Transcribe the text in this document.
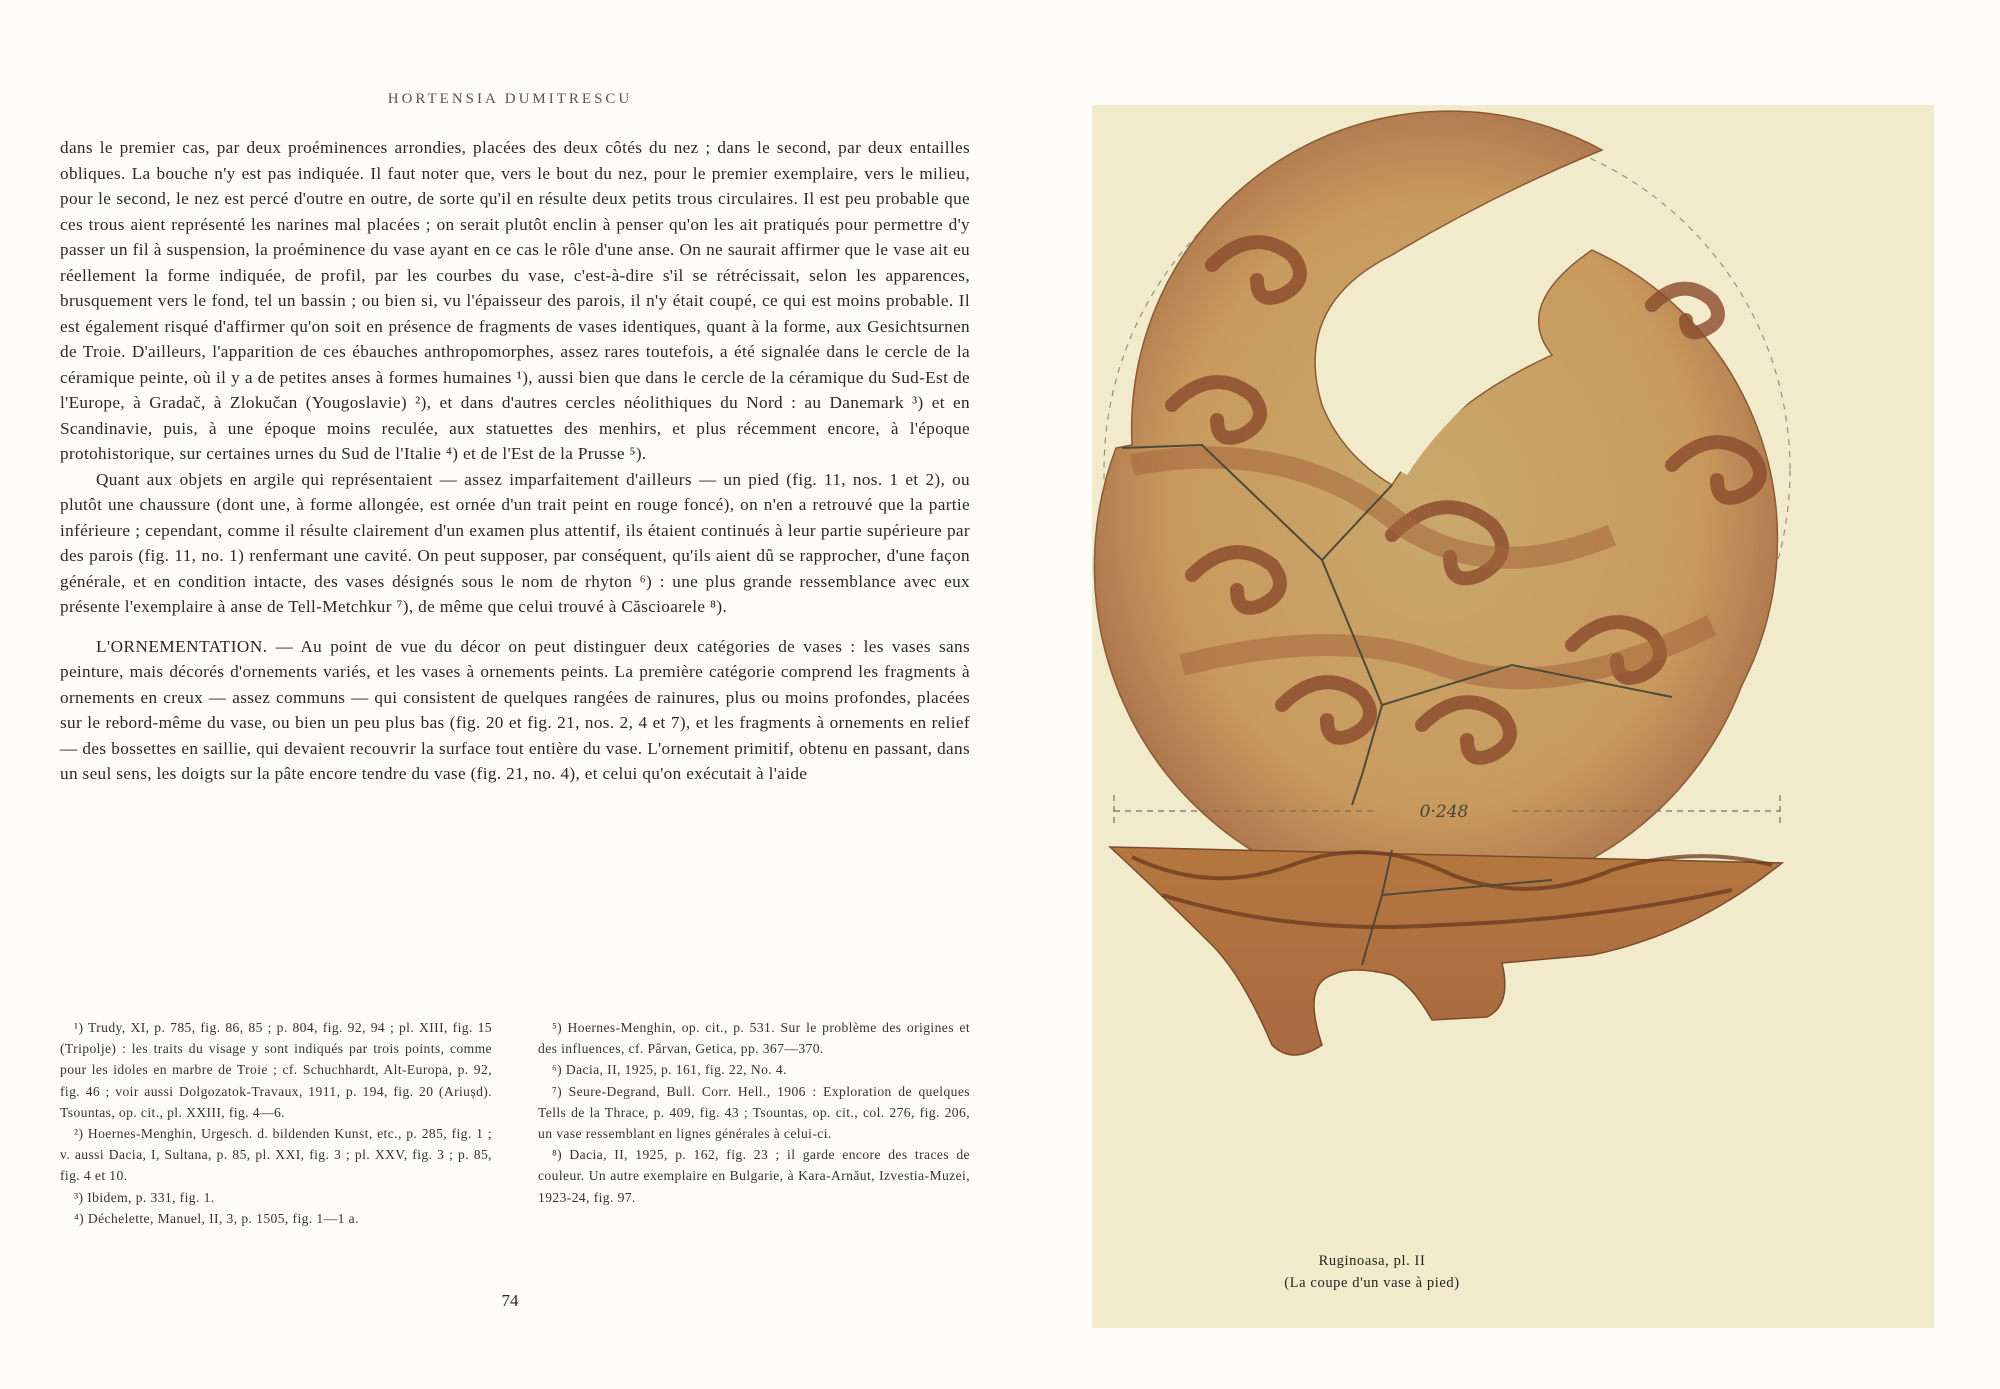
HORTENSIA DUMITRESCU

dans le premier cas, par deux proéminences arrondies, placées des deux côtés du nez ; dans le second, par deux entailles obliques. La bouche n'y est pas indiquée. Il faut noter que, vers le bout du nez, pour le premier exemplaire, vers le milieu, pour le second, le nez est percé d'outre en outre, de sorte qu'il en résulte deux petits trous circulaires. Il est peu probable que ces trous aient représenté les narines mal placées ; on serait plutôt enclin à penser qu'on les ait pratiqués pour permettre d'y passer un fil à suspension, la proéminence du vase ayant en ce cas le rôle d'une anse. On ne saurait affirmer que le vase ait eu réellement la forme indiquée, de profil, par les courbes du vase, c'est-à-dire s'il se rétrécissait, selon les apparences, brusquement vers le fond, tel un bassin ; ou bien si, vu l'épaisseur des parois, il n'y était coupé, ce qui est moins probable. Il est également risqué d'affirmer qu'on soit en présence de fragments de vases identiques, quant à la forme, aux Gesichtsurnen de Troie. D'ailleurs, l'apparition de ces ébauches anthropomorphes, assez rares toutefois, a été signalée dans le cercle de la céramique peinte, où il y a de petites anses à formes humaines ¹), aussi bien que dans le cercle de la céramique du Sud-Est de l'Europe, à Gradač, à Zlokučan (Yougoslavie) ²), et dans d'autres cercles néolithiques du Nord : au Danemark ³) et en Scandinavie, puis, à une époque moins reculée, aux statuettes des menhirs, et plus récemment encore, à l'époque protohistorique, sur certaines urnes du Sud de l'Italie ⁴) et de l'Est de la Prusse ⁵).

Quant aux objets en argile qui représentaient — assez imparfaitement d'ailleurs — un pied (fig. 11, nos. 1 et 2), ou plutôt une chaussure (dont une, à forme allongée, est ornée d'un trait peint en rouge foncé), on n'en a retrouvé que la partie inférieure ; cependant, comme il résulte clairement d'un examen plus attentif, ils étaient continués à leur partie supérieure par des parois (fig. 11, no. 1) renfermant une cavité. On peut supposer, par conséquent, qu'ils aient dû se rapprocher, d'une façon générale, et en condition intacte, des vases désignés sous le nom de rhyton ⁶) : une plus grande ressemblance avec eux présente l'exemplaire à anse de Tell-Metchkur ⁷), de même que celui trouvé à Căscioarele ⁸).

L'ORNEMENTATION. — Au point de vue du décor on peut distinguer deux catégories de vases : les vases sans peinture, mais décorés d'ornements variés, et les vases à ornements peints. La première catégorie comprend les fragments à ornements en creux — assez communs — qui consistent de quelques rangées de rainures, plus ou moins profondes, placées sur le rebord-même du vase, ou bien un peu plus bas (fig. 20 et fig. 21, nos. 2, 4 et 7), et les fragments à ornements en relief — des bossettes en saillie, qui devaient recouvrir la surface tout entière du vase. L'ornement primitif, obtenu en passant, dans un seul sens, les doigts sur la pâte encore tendre du vase (fig. 21, no. 4), et celui qu'on exécutait à l'aide

¹) Trudy, XI, p. 785, fig. 86, 85 ; p. 804, fig. 92, 94 ; pl. XIII, fig. 15 (Tripolje) : les traits du visage y sont indiqués par trois points, comme pour les idoles en marbre de Troie ; cf. Schuchhardt, Alt-Europa, p. 92, fig. 46 ; voir aussi Dolgozatok-Travaux, 1911, p. 194, fig. 20 (Ariușd). Tsountas, op. cit., pl. XXIII, fig. 4—6.

²) Hoernes-Menghin, Urgesch. d. bildenden Kunst, etc., p. 285, fig. 1 ; v. aussi Dacia, I, Sultana, p. 85, pl. XXI, fig. 3 ; pl. XXV, fig. 3 ; p. 85, fig. 4 et 10.

³) Ibidem, p. 331, fig. 1.

⁴) Déchelette, Manuel, II, 3, p. 1505, fig. 1—1 a.

⁵) Hoernes-Menghin, op. cit., p. 531. Sur le problème des origines et des influences, cf. Pârvan, Getica, pp. 367—370.

⁶) Dacia, II, 1925, p. 161, fig. 22, No. 4.

⁷) Seure-Degrand, Bull. Corr. Hell., 1906 : Exploration de quelques Tells de la Thrace, p. 409, fig. 43 ; Tsountas, op. cit., col. 276, fig. 206, un vase ressemblant en lignes générales à celui-ci.

⁸) Dacia, II, 1925, p. 162, fig. 23 ; il garde encore des traces de couleur. Un autre exemplaire en Bulgarie, à Kara-Arnăut, Izvestia-Muzei, 1923-24, fig. 97.

74
0·248
Ruginoasa, pl. II
(La coupe d'un vase à pied)
